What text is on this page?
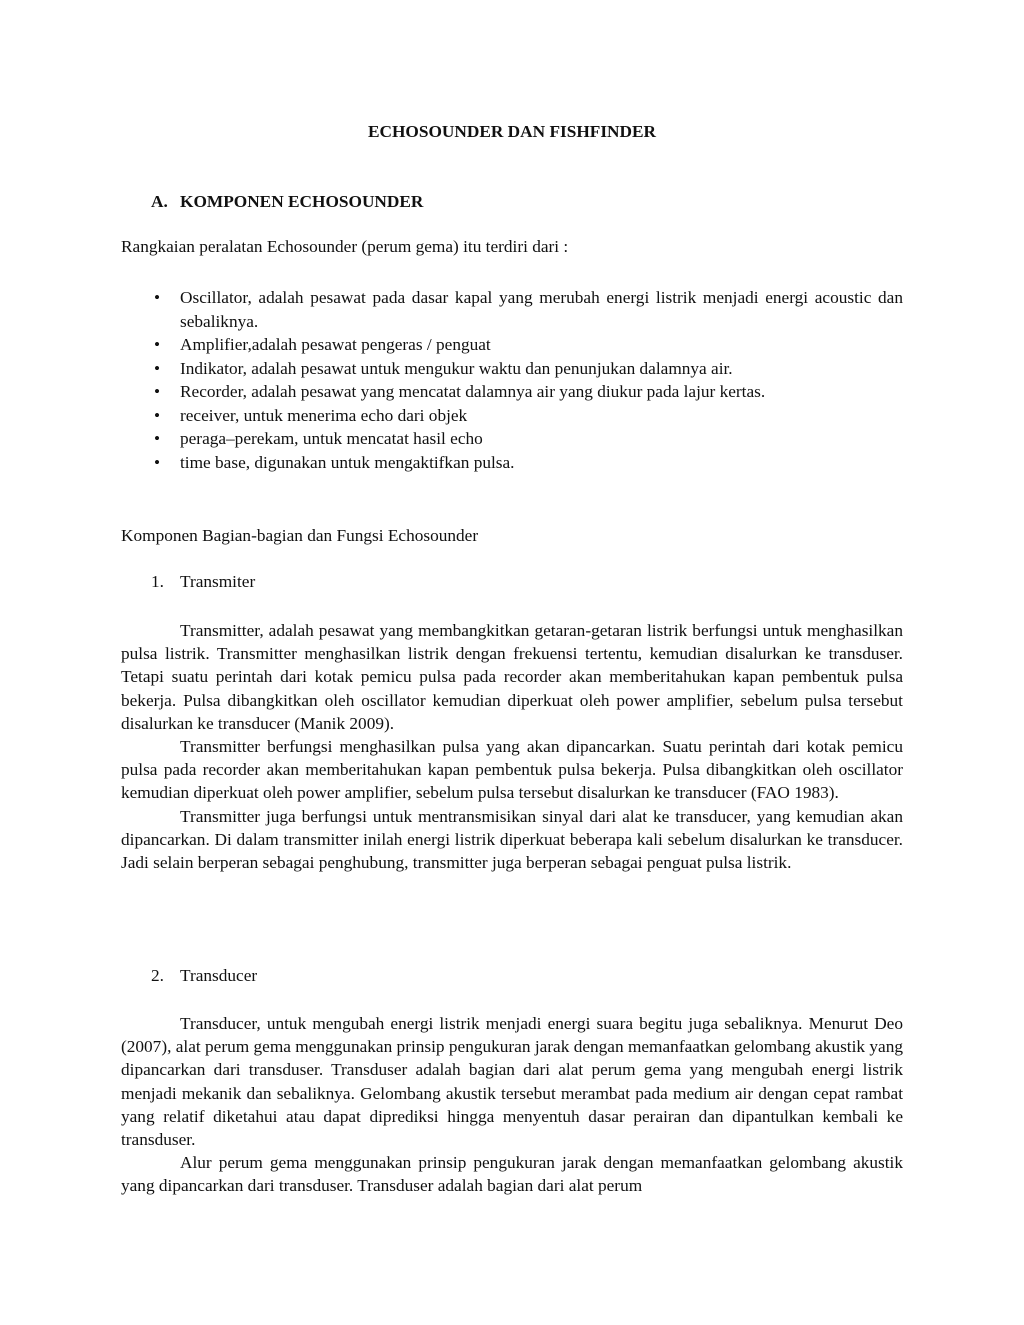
ECHOSOUNDER DAN FISHFINDER
A. KOMPONEN ECHOSOUNDER
Rangkaian peralatan Echosounder (perum gema) itu terdiri dari :
• Oscillator, adalah pesawat pada dasar kapal yang merubah energi listrik menjadi energi acoustic dan sebaliknya.
• Amplifier,adalah pesawat pengeras / penguat
• Indikator, adalah pesawat untuk mengukur waktu dan penunjukan dalamnya air.
• Recorder, adalah pesawat yang mencatat dalamnya air yang diukur pada lajur kertas.
• receiver, untuk menerima echo dari objek
• peraga–perekam, untuk mencatat hasil echo
• time base, digunakan untuk mengaktifkan pulsa.
Komponen Bagian-bagian dan Fungsi Echosounder
1. Transmiter

Transmitter, adalah pesawat yang membangkitkan getaran-getaran listrik berfungsi untuk menghasilkan pulsa listrik. Transmitter menghasilkan listrik dengan frekuensi tertentu, kemudian disalurkan ke transduser. Tetapi suatu perintah dari kotak pemicu pulsa pada recorder akan memberitahukan kapan pembentuk pulsa bekerja. Pulsa dibangkitkan oleh oscillator kemudian diperkuat oleh power amplifier, sebelum pulsa tersebut disalurkan ke transducer (Manik 2009).

Transmitter berfungsi menghasilkan pulsa yang akan dipancarkan. Suatu perintah dari kotak pemicu pulsa pada recorder akan memberitahukan kapan pembentuk pulsa bekerja. Pulsa dibangkitkan oleh oscillator kemudian diperkuat oleh power amplifier, sebelum pulsa tersebut disalurkan ke transducer (FAO 1983).

Transmitter juga berfungsi untuk mentransmisikan sinyal dari alat ke transducer, yang kemudian akan dipancarkan. Di dalam transmitter inilah energi listrik diperkuat beberapa kali sebelum disalurkan ke transducer. Jadi selain berperan sebagai penghubung, transmitter juga berperan sebagai penguat pulsa listrik.

2. Transducer

Transducer, untuk mengubah energi listrik menjadi energi suara begitu juga sebaliknya. Menurut Deo (2007), alat perum gema menggunakan prinsip pengukuran jarak dengan memanfaatkan gelombang akustik yang dipancarkan dari transduser. Transduser adalah bagian dari alat perum gema yang mengubah energi listrik menjadi mekanik dan sebaliknya. Gelombang akustik tersebut merambat pada medium air dengan cepat rambat yang relatif diketahui atau dapat diprediksi hingga menyentuh dasar perairan dan dipantulkan kembali ke transduser.

Alur perum gema menggunakan prinsip pengukuran jarak dengan memanfaatkan gelombang akustik yang dipancarkan dari transduser. Transduser adalah bagian dari alat perum
